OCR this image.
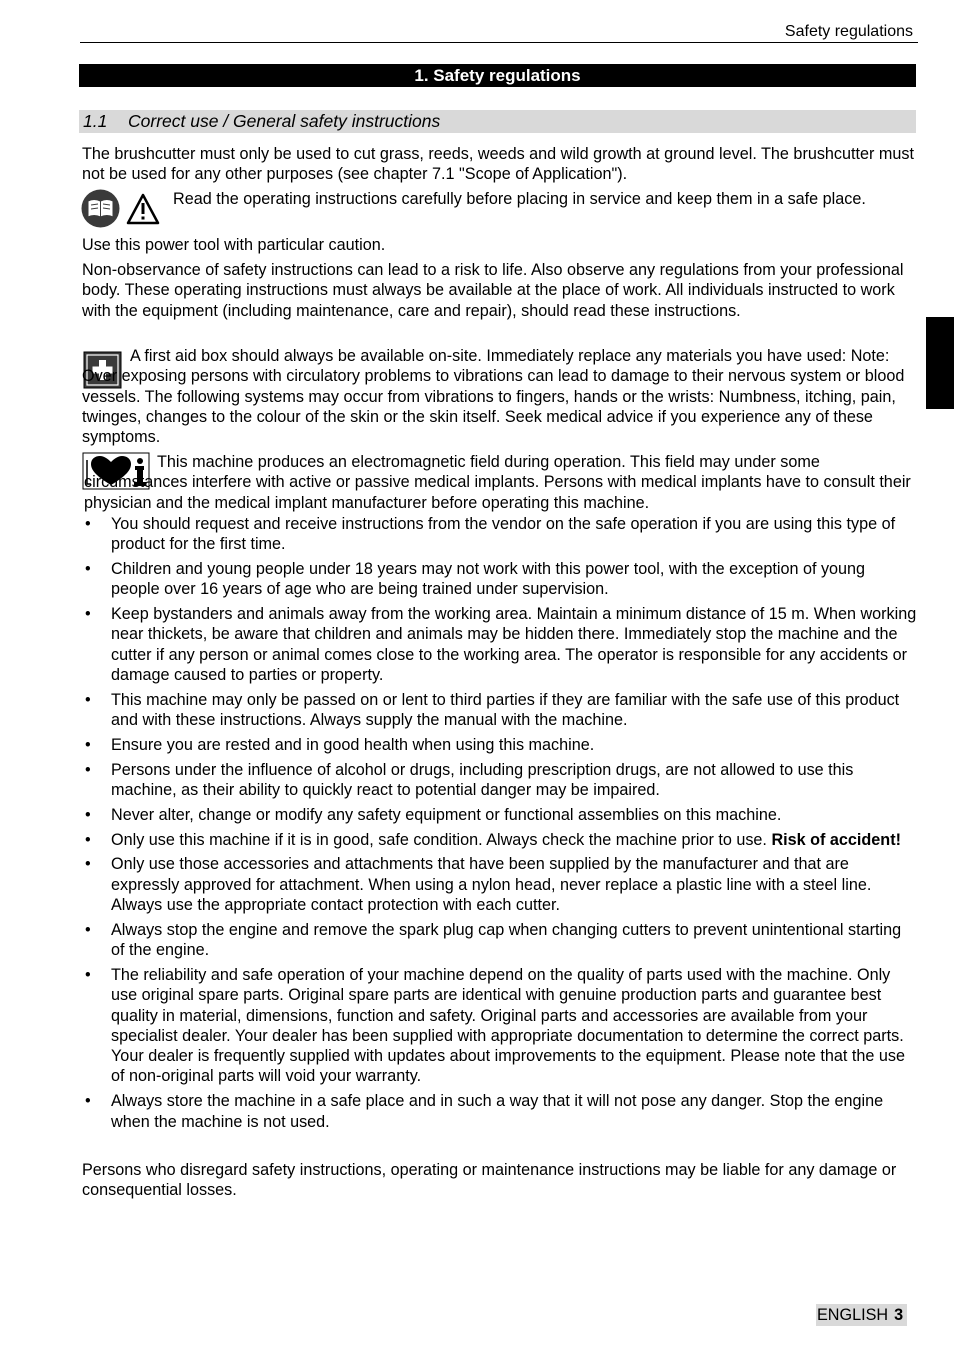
Safety regulations
1. Safety regulations
1.1 Correct use / General safety instructions
The brushcutter must only be used to cut grass, reeds, weeds and wild growth at ground level. The brushcutter must not be used for any other purposes (see chapter 7.1 "Scope of Application").
Read the operating instructions carefully before placing in service and keep them in a safe place.
Use this power tool with particular caution.
Non-observance of safety instructions can lead to a risk to life. Also observe any regulations from your professional body. These operating instructions must always be available at the place of work. All individuals instructed to work with the equipment (including maintenance, care and repair), should read these instructions.
A first aid box should always be available on-site. Immediately replace any materials you have used: Note: Over exposing persons with circulatory problems to vibrations can lead to damage to their nervous system or blood vessels. The following systems may occur from vibrations to fingers, hands or the wrists: Numbness, itching, pain, twinges, changes to the colour of the skin or the skin itself. Seek medical advice if you experience any of these symptoms.
This machine produces an electromagnetic field during operation. This field may under some circumstances interfere with active or passive medical implants. Persons with medical implants have to consult their physician and the medical implant manufacturer before operating this machine.
• You should request and receive instructions from the vendor on the safe operation if you are using this type of product for the first time.
• Children and young people under 18 years may not work with this power tool, with the exception of young people over 16 years of age who are being trained under supervision.
• Keep bystanders and animals away from the working area. Maintain a minimum distance of 15 m. When working near thickets, be aware that children and animals may be hidden there. Immediately stop the machine and the cutter if any person or animal comes close to the working area. The operator is responsible for any accidents or damage caused to parties or property.
• This machine may only be passed on or lent to third parties if they are familiar with the safe use of this product and with these instructions. Always supply the manual with the machine.
• Ensure you are rested and in good health when using this machine.
• Persons under the influence of alcohol or drugs, including prescription drugs, are not allowed to use this machine, as their ability to quickly react to potential danger may be impaired.
• Never alter, change or modify any safety equipment or functional assemblies on this machine.
• Only use this machine if it is in good, safe condition. Always check the machine prior to use. Risk of accident!
• Only use those accessories and attachments that have been supplied by the manufacturer and that are expressly approved for attachment. When using a nylon head, never replace a plastic line with a steel line. Always use the appropriate contact protection with each cutter.
• Always stop the engine and remove the spark plug cap when changing cutters to prevent unintentional starting of the engine.
• The reliability and safe operation of your machine depend on the quality of parts used with the machine. Only use original spare parts. Original spare parts are identical with genuine production parts and guarantee best quality in material, dimensions, function and safety. Original parts and accessories are available from your specialist dealer. Your dealer has been supplied with appropriate documentation to determine the correct parts. Your dealer is frequently supplied with updates about improvements to the equipment. Please note that the use of non-original parts will void your warranty.
• Always store the machine in a safe place and in such a way that it will not pose any danger. Stop the engine when the machine is not used.
Persons who disregard safety instructions, operating or maintenance instructions may be liable for any damage or consequential losses.
ENGLISH 3
